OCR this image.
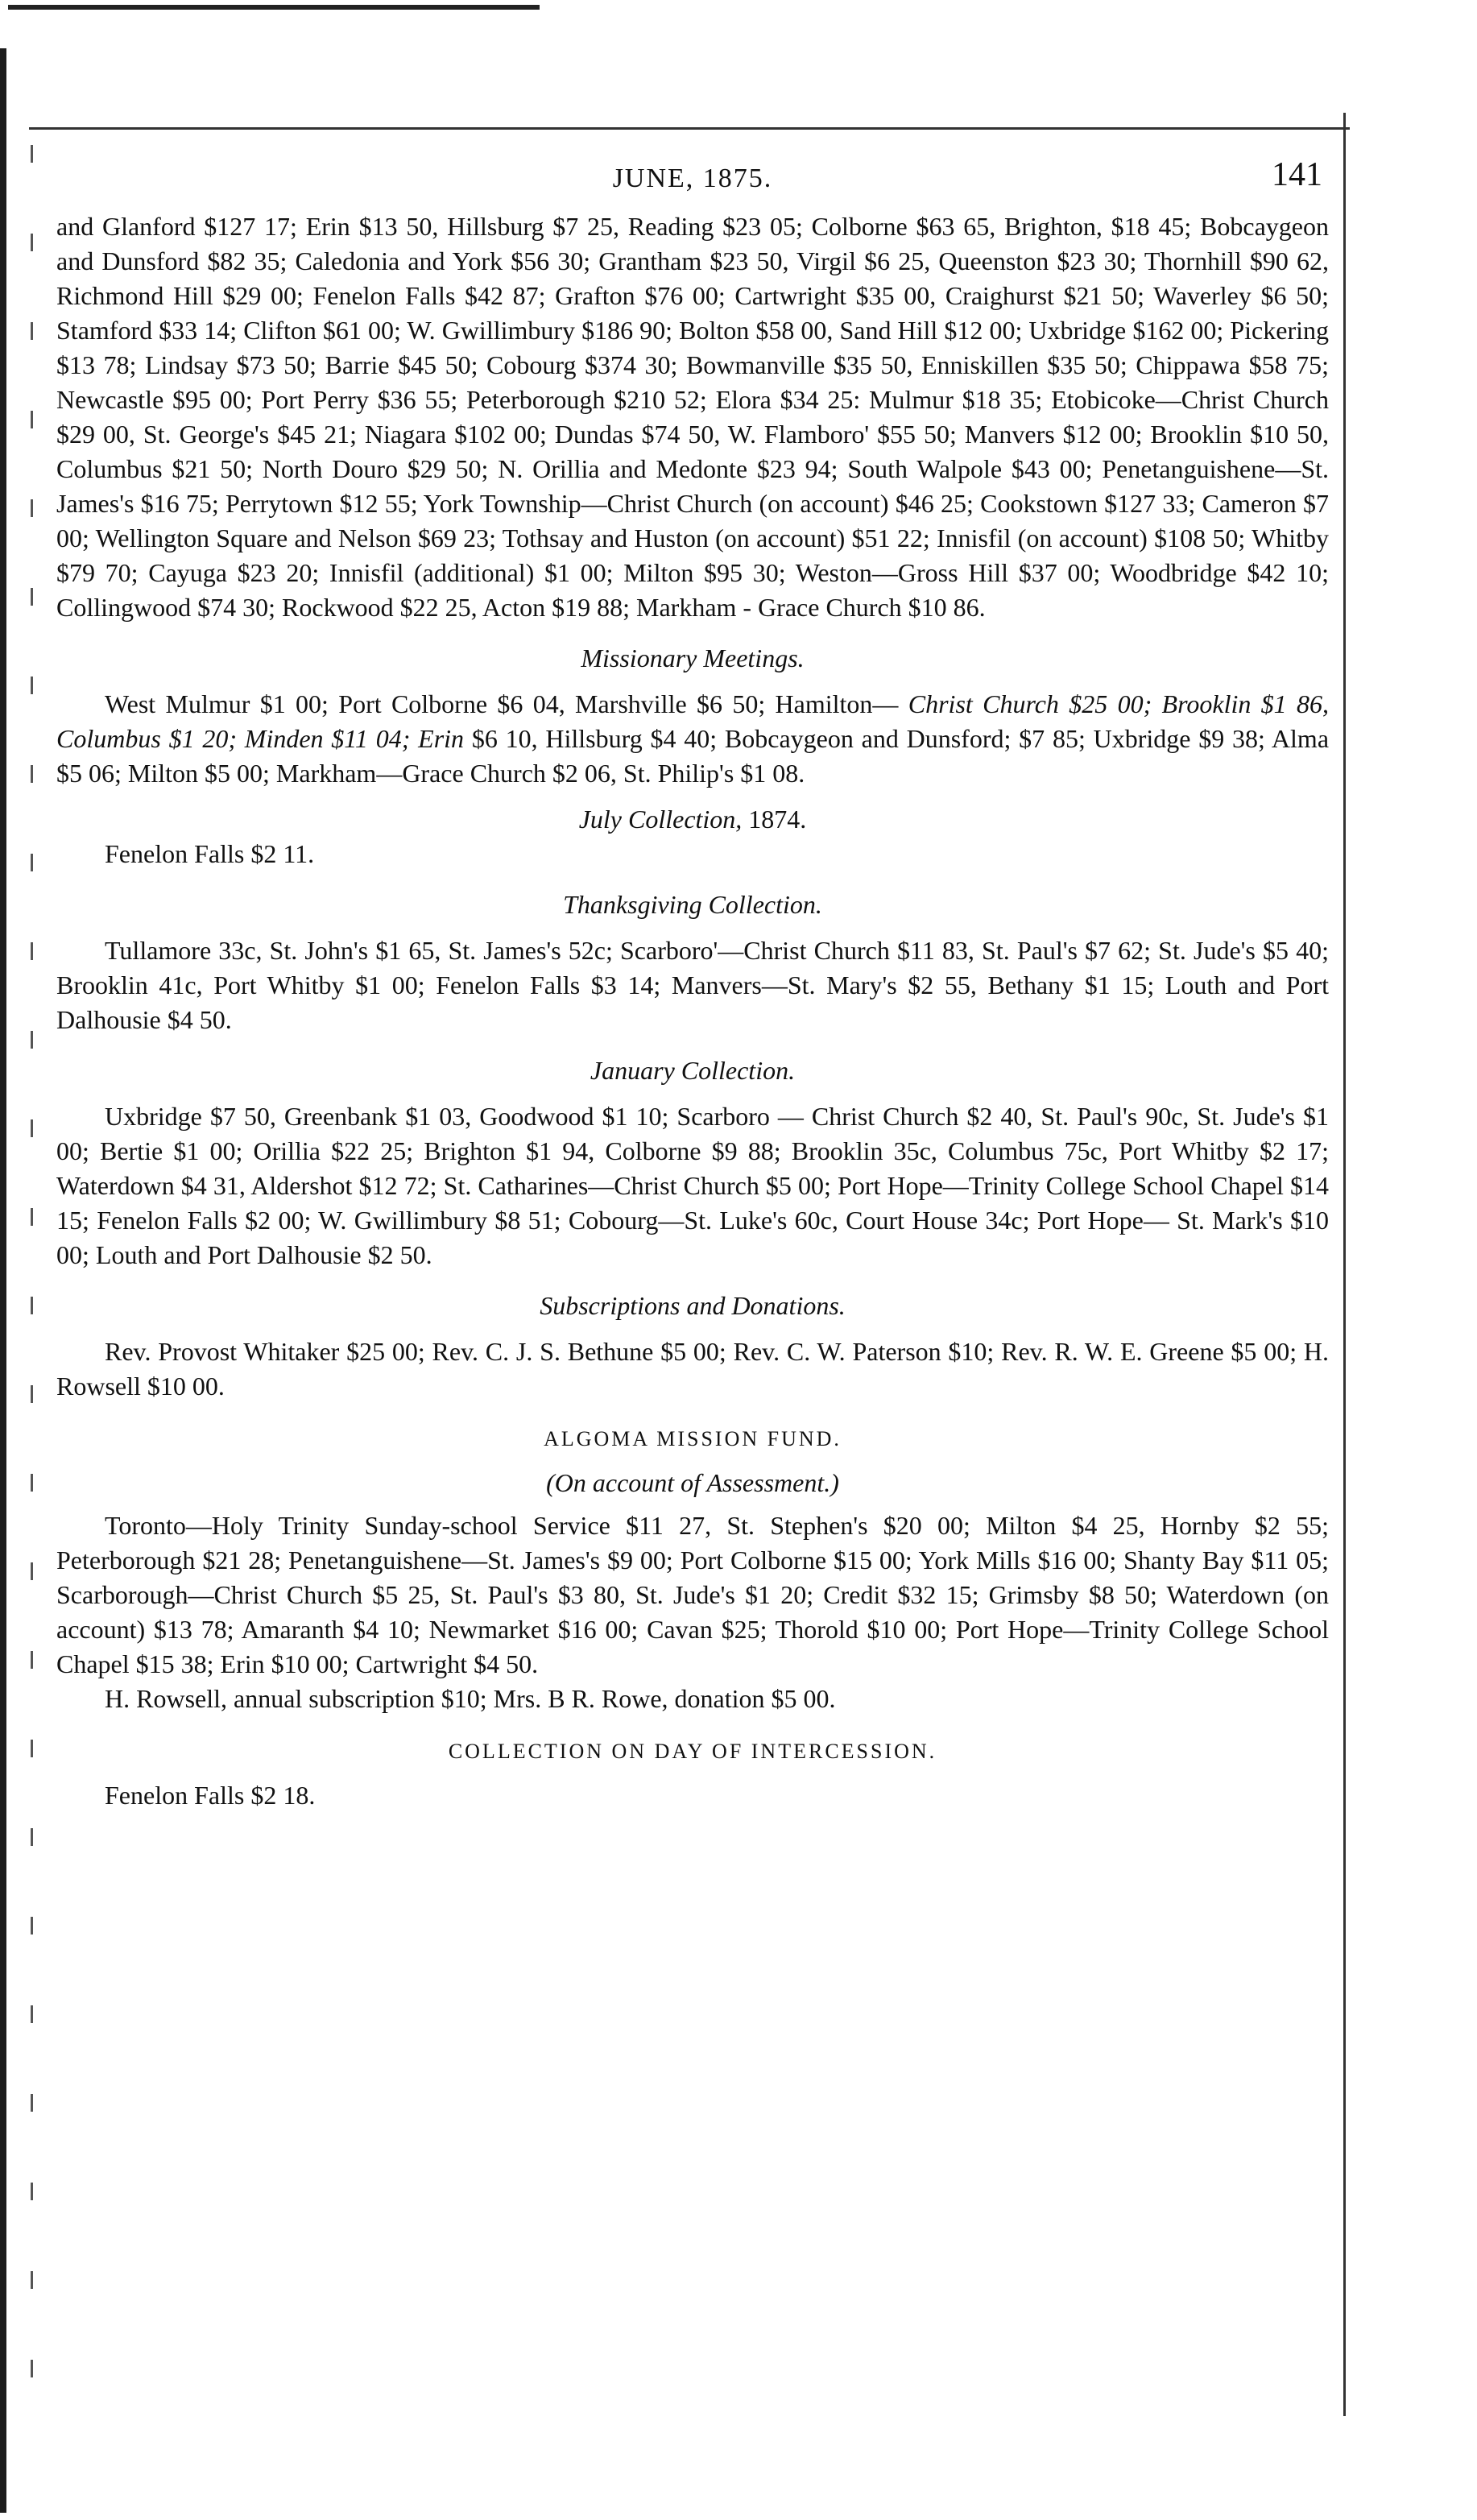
JUNE, 1875.	141

and Glanford $127 17; Erin $13 50, Hillsburg $7 25, Reading $23 05; Colborne $63 65, Brighton, $18 45; Bobcaygeon and Dunsford $82 35; Caledonia and York $56 30; Grantham $23 50, Virgil $6 25, Queenston $23 30; Thornhill $90 62, Richmond Hill $29 00; Fenelon Falls $42 87; Grafton $76 00; Cartwright $35 00, Craighurst $21 50; Waverley $6 50; Stamford $33 14; Clifton $61 00; W. Gwillimbury $186 90; Bolton $58 00, Sand Hill $12 00; Uxbridge $162 00; Pickering $13 78; Lindsay $73 50; Barrie $45 50; Cobourg $374 30; Bowmanville $35 50, Enniskillen $35 50; Chippawa $58 75; Newcastle $95 00; Port Perry $36 55; Peterborough $210 52; Elora $34 25: Mulmur $18 35; Etobicoke—Christ Church $29 00, St. George's $45 21; Niagara $102 00; Dundas $74 50, W. Flamboro' $55 50; Manvers $12 00; Brooklin $10 50, Columbus $21 50; North Douro $29 50; N. Orillia and Medonte $23 94; South Walpole $43 00; Penetanguishene—St. James's $16 75; Perrytown $12 55; York Township—Christ Church (on account) $46 25; Cookstown $127 33; Cameron $7 00; Wellington Square and Nelson $69 23; Tothsay and Huston (on account) $51 22; Innisfil (on account) $108 50; Whitby $79 70; Cayuga $23 20; Innisfil (additional) $1 00; Milton $95 30; Weston—Gross Hill $37 00; Woodbridge $42 10; Collingwood $74 30; Rockwood $22 25, Acton $19 88; Markham - Grace Church $10 86.

Missionary Meetings.

West Mulmur $1 00; Port Colborne $6 04, Marshville $6 50; Hamilton— Christ Church $25 00; Brooklin $1 86, Columbus $1 20; Minden $11 04; Erin $6 10, Hillsburg $4 40; Bobcaygeon and Dunsford; $7 85; Uxbridge $9 38; Alma $5 06; Milton $5 00; Markham—Grace Church $2 06, St. Philip's $1 08.

July Collection, 1874.
Fenelon Falls $2 11.
Thanksgiving Collection.

Tullamore 33c, St. John's $1 65, St. James's 52c; Scarboro'—Christ Church $11 83, St. Paul's $7 62; St. Jude's $5 40; Brooklin 41c, Port Whitby $1 00; Fenelon Falls $3 14; Manvers—St. Mary's $2 55, Bethany $1 15; Louth and Port Dalhousie $4 50.

January Collection.

Uxbridge $7 50, Greenbank $1 03, Goodwood $1 10; Scarboro — Christ Church $2 40, St. Paul's 90c, St. Jude's $1 00; Bertie $1 00; Orillia $22 25; Brighton $1 94, Colborne $9 88; Brooklin 35c, Columbus 75c, Port Whitby $2 17; Waterdown $4 31, Aldershot $12 72; St. Catharines—Christ Church $5 00; Port Hope—Trinity College School Chapel $14 15; Fenelon Falls $2 00; W. Gwillimbury $8 51; Cobourg—St. Luke's 60c, Court House 34c; Port Hope— St. Mark's $10 00; Louth and Port Dalhousie $2 50.

Subscriptions and Donations.

Rev. Provost Whitaker $25 00; Rev. C. J. S. Bethune $5 00; Rev. C. W. Paterson $10; Rev. R. W. E. Greene $5 00; H. Rowsell $10 00.

ALGOMA MISSION FUND.
(On account of Assessment.)

Toronto—Holy Trinity Sunday-school Service $11 27, St. Stephen's $20 00; Milton $4 25, Hornby $2 55; Peterborough $21 28; Penetanguishene—St. James's $9 00; Port Colborne $15 00; York Mills $16 00; Shanty Bay $11 05; Scarborough—Christ Church $5 25, St. Paul's $3 80, St. Jude's $1 20; Credit $32 15; Grimsby $8 50; Waterdown (on account) $13 78; Amaranth $4 10; Newmarket $16 00; Cavan $25; Thorold $10 00; Port Hope—Trinity College School Chapel $15 38; Erin $10 00; Cartwright $4 50.

H. Rowsell, annual subscription $10; Mrs. B R. Rowe, donation $5 00.

COLLECTION ON DAY OF INTERCESSION.

Fenelon Falls $2 18.
